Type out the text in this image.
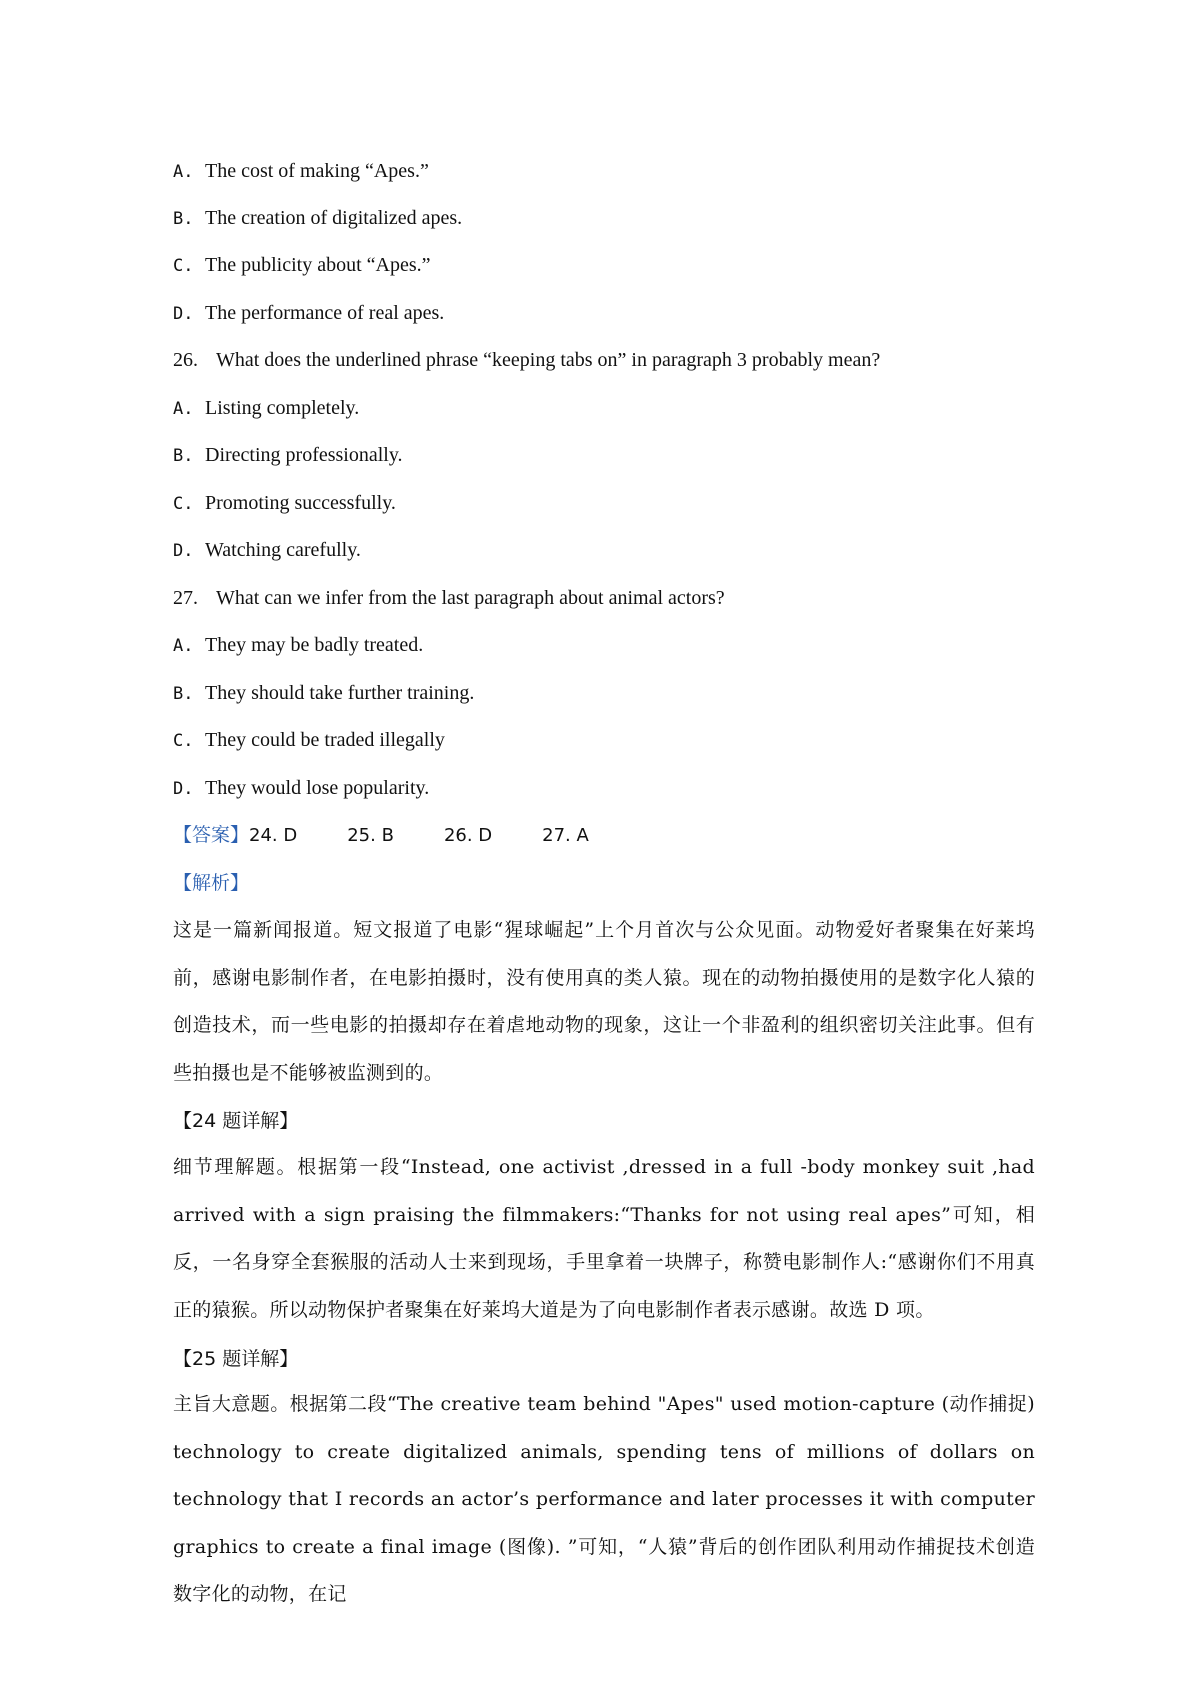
A. The cost of making “Apes.”
B. The creation of digitalized apes.
C. The publicity about “Apes.”
D. The performance of real apes.
26. What does the underlined phrase “keeping tabs on” in paragraph 3 probably mean?
A. Listing completely.
B. Directing professionally.
C. Promoting successfully.
D. Watching carefully.
27. What can we infer from the last paragraph about animal actors?
A. They may be badly treated.
B. They should take further training.
C. They could be traded illegally
D. They would lose popularity.
【答案】24. D	25. B	26. D	27. A
【解析】

这是一篇新闻报道。短文报道了电影“猩球崛起”上个月首次与公众见面。动物爱好者聚集在好莱坞前，感谢电影制作者，在电影拍摄时，没有使用真的类人猿。现在的动物拍摄使用的是数字化人猿的创造技术，而一些电影的拍摄却存在着虐地动物的现象，这让一个非盈利的组织密切关注此事。但有些拍摄也是不能够被监测到的。

【24 题详解】

细节理解题。根据第一段“Instead, one activist ,dressed in a full -body monkey suit ,had arrived with a sign praising the filmmakers:“Thanks for not using real apes”可知，相反，一名身穿全套猴服的活动人士来到现场，手里拿着一块牌子，称赞电影制作人:“感谢你们不用真正的猿猴。所以动物保护者聚集在好莱坞大道是为了向电影制作者表示感谢。故选 D 项。

【25 题详解】

主旨大意题。根据第二段“The creative team behind "Apes" used motion-capture (动作捕捉) technology to create digitalized animals, spending tens of millions of dollars on technology that I records an actor’s performance and later processes it with computer graphics to create a final image (图像). ”可知，“人猿”背后的创作团队利用动作捕捉技术创造数字化的动物，在记
